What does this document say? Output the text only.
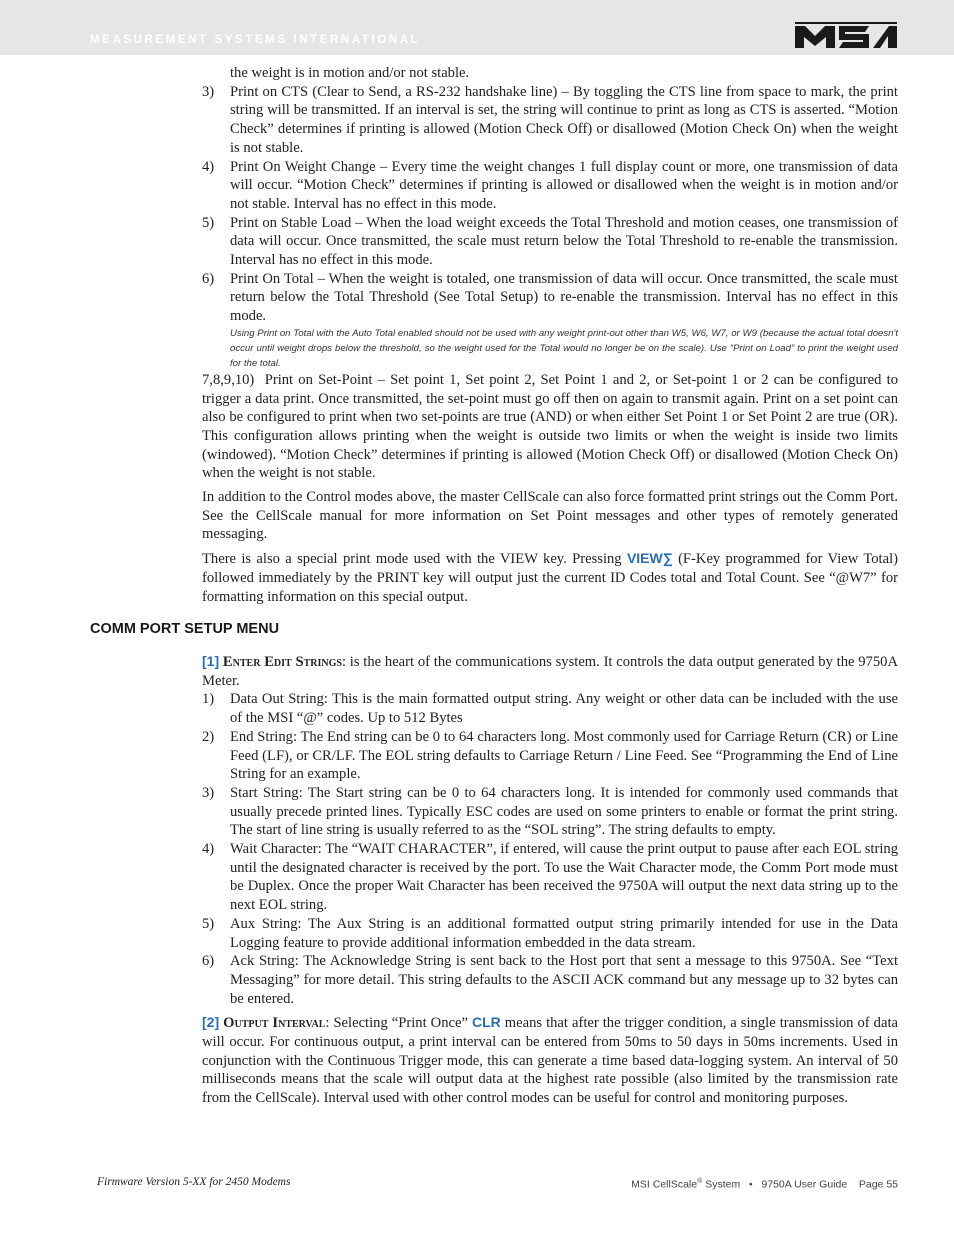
MEASUREMENT SYSTEMS INTERNATIONAL

the weight is in motion and/or not stable.

3) Print on CTS (Clear to Send, a RS-232 handshake line) – By toggling the CTS line from space to mark, the print string will be transmitted. If an interval is set, the string will continue to print as long as CTS is asserted. “Motion Check” determines if printing is allowed (Motion Check Off) or disallowed (Motion Check On) when the weight is not stable.

4) Print On Weight Change – Every time the weight changes 1 full display count or more, one transmission of data will occur. “Motion Check” determines if printing is allowed or disallowed when the weight is in motion and/or not stable. Interval has no effect in this mode.

5) Print on Stable Load – When the load weight exceeds the Total Threshold and motion ceases, one transmission of data will occur. Once transmitted, the scale must return below the Total Threshold to re-enable the transmission. Interval has no effect in this mode.

6) Print On Total – When the weight is totaled, one transmission of data will occur. Once transmitted, the scale must return below the Total Threshold (See Total Setup) to re-enable the transmission. Interval has no effect in this mode.

Using Print on Total with the Auto Total enabled should not be used with any weight print-out other than W5, W6, W7, or W9 (because the actual total doesn't occur until weight drops below the threshold, so the weight used for the Total would no longer be on the scale). Use “Print on Load” to print the weight used for the total.

7,8,9,10) Print on Set-Point – Set point 1, Set point 2, Set Point 1 and 2, or Set-point 1 or 2 can be configured to trigger a data print. Once transmitted, the set-point must go off then on again to transmit again. Print on a set point can also be configured to print when two set-points are true (AND) or when either Set Point 1 or Set Point 2 are true (OR). This configuration allows printing when the weight is outside two limits or when the weight is inside two limits (windowed). “Motion Check” determines if printing is allowed (Motion Check Off) or disallowed (Motion Check On) when the weight is not stable.

In addition to the Control modes above, the master CellScale can also force formatted print strings out the Comm Port. See the CellScale manual for more information on Set Point messages and other types of remotely generated messaging.

There is also a special print mode used with the VIEW key. Pressing VIEW∑ (F-Key programmed for View Total) followed immediately by the PRINT key will output just the current ID Codes total and Total Count. See “@W7” for formatting information on this special output.

COMM PORT SETUP MENU

[1] Enter Edit Strings: is the heart of the communications system. It controls the data output generated by the 9750A Meter.

1) Data Out String: This is the main formatted output string. Any weight or other data can be included with the use of the MSI “@” codes. Up to 512 Bytes

2) End String: The End string can be 0 to 64 characters long. Most commonly used for Carriage Return (CR) or Line Feed (LF), or CR/LF. The EOL string defaults to Carriage Return / Line Feed. See “Programming the End of Line String for an example.

3) Start String: The Start string can be 0 to 64 characters long. It is intended for commonly used commands that usually precede printed lines. Typically ESC codes are used on some printers to enable or format the print string. The start of line string is usually referred to as the “SOL string”. The string defaults to empty.

4) Wait Character: The “WAIT CHARACTER”, if entered, will cause the print output to pause after each EOL string until the designated character is received by the port. To use the Wait Character mode, the Comm Port mode must be Duplex. Once the proper Wait Character has been received the 9750A will output the next data string up to the next EOL string.

5) Aux String: The Aux String is an additional formatted output string primarily intended for use in the Data Logging feature to provide additional information embedded in the data stream.

6) Ack String: The Acknowledge String is sent back to the Host port that sent a message to this 9750A. See “Text Messaging” for more detail. This string defaults to the ASCII ACK command but any message up to 32 bytes can be entered.

[2] Output Interval: Selecting “Print Once” CLR means that after the trigger condition, a single transmission of data will occur. For continuous output, a print interval can be entered from 50ms to 50 days in 50ms increments. Used in conjunction with the Continuous Trigger mode, this can generate a time based data-logging system. An interval of 50 milliseconds means that the scale will output data at the highest rate possible (also limited by the transmission rate from the CellScale). Interval used with other control modes can be useful for control and monitoring purposes.

Firmware Version 5-XX for 2450 Modems	MSI CellScale® System   •   9750A User Guide    Page 55
